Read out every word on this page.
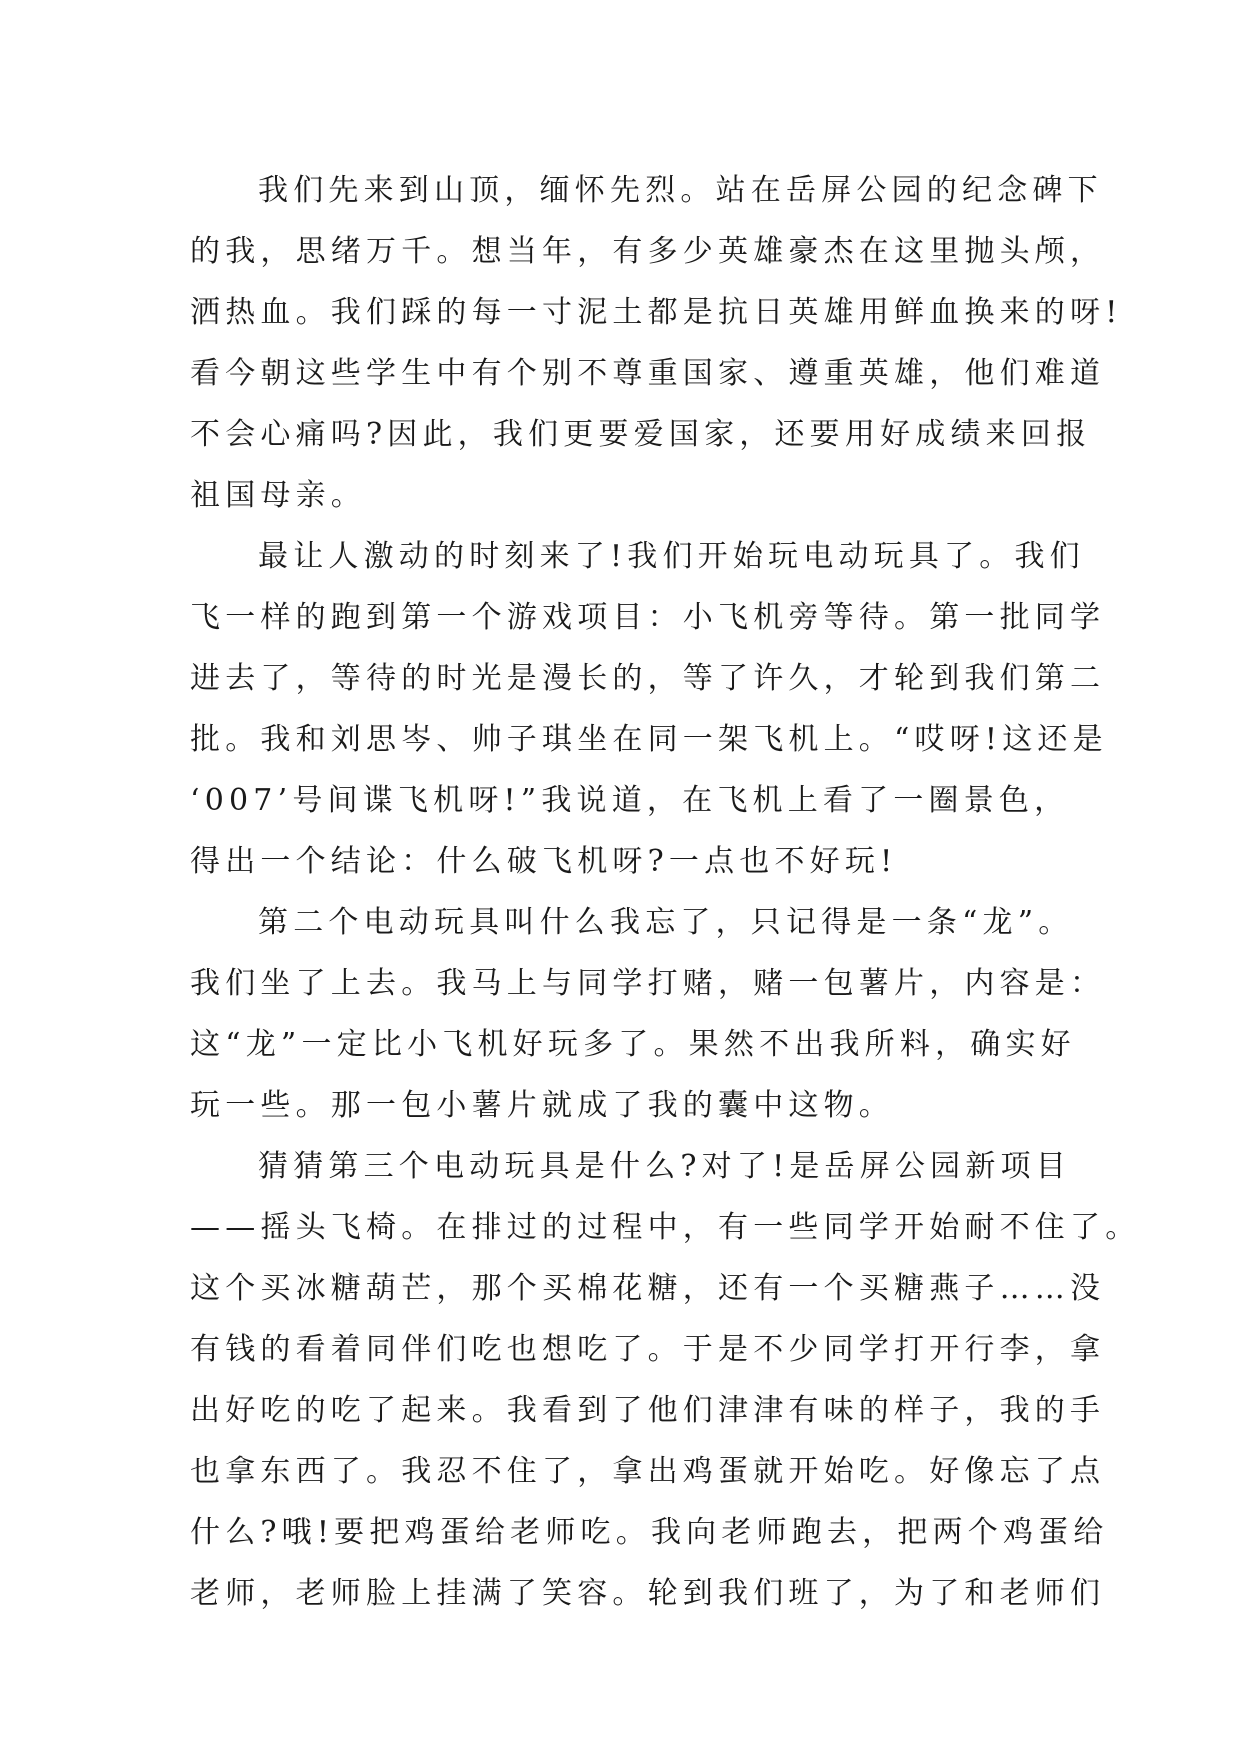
我们先来到山顶，缅怀先烈。站在岳屏公园的纪念碑下

的我，思绪万千。想当年，有多少英雄豪杰在这里抛头颅，

洒热血。我们踩的每一寸泥土都是抗日英雄用鲜血换来的呀!

看今朝这些学生中有个别不尊重国家、遵重英雄，他们难道

不会心痛吗?因此，我们更要爱国家，还要用好成绩来回报

祖国母亲。

最让人激动的时刻来了!我们开始玩电动玩具了。我们

飞一样的跑到第一个游戏项目：小飞机旁等待。第一批同学

进去了，等待的时光是漫长的，等了许久，才轮到我们第二

批。我和刘思岑、帅子琪坐在同一架飞机上。“哎呀!这还是

‘007’号间谍飞机呀!”我说道，在飞机上看了一圈景色，

得出一个结论：什么破飞机呀?一点也不好玩!

第二个电动玩具叫什么我忘了，只记得是一条“龙”。

我们坐了上去。我马上与同学打赌，赌一包薯片，内容是：

这“龙”一定比小飞机好玩多了。果然不出我所料，确实好

玩一些。那一包小薯片就成了我的囊中这物。

猜猜第三个电动玩具是什么?对了!是岳屏公园新项目

——摇头飞椅。在排过的过程中，有一些同学开始耐不住了。

这个买冰糖葫芒，那个买棉花糖，还有一个买糖燕子……没

有钱的看着同伴们吃也想吃了。于是不少同学打开行李，拿

出好吃的吃了起来。我看到了他们津津有味的样子，我的手

也拿东西了。我忍不住了，拿出鸡蛋就开始吃。好像忘了点

什么?哦!要把鸡蛋给老师吃。我向老师跑去，把两个鸡蛋给

老师，老师脸上挂满了笑容。轮到我们班了，为了和老师们
